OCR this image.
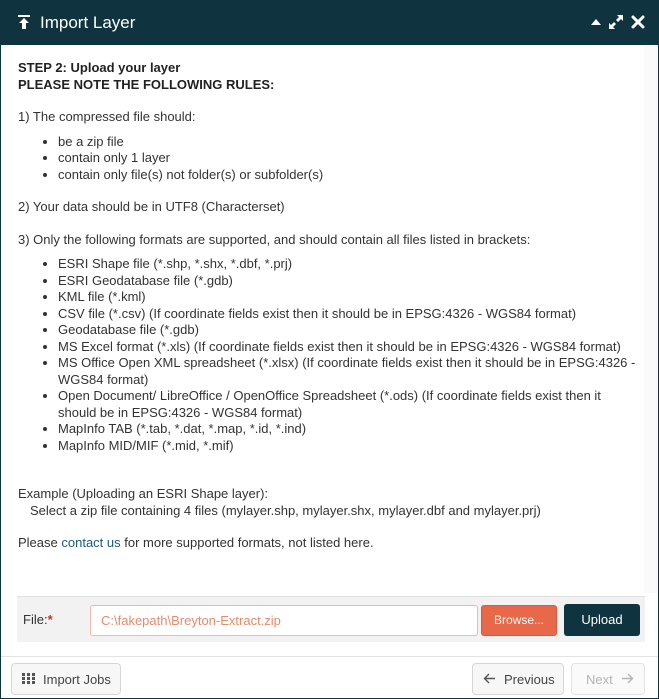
Import Layer
STEP 2: Upload your layer
PLEASE NOTE THE FOLLOWING RULES:
1) The compressed file should:
• be a zip file
• contain only 1 layer
• contain only file(s) not folder(s) or subfolder(s)
2) Your data should be in UTF8 (Characterset)
3) Only the following formats are supported, and should contain all files listed in brackets:
• ESRI Shape file (*.shp, *.shx, *.dbf, *.prj)
• ESRI Geodatabase file (*.gdb)
• KML file (*.kml)
• CSV file (*.csv) (If coordinate fields exist then it should be in EPSG:4326 - WGS84 format)
• Geodatabase file (*.gdb)
• MS Excel format (*.xls) (If coordinate fields exist then it should be in EPSG:4326 - WGS84 format)
• MS Office Open XML spreadsheet (*.xlsx) (If coordinate fields exist then it should be in EPSG:4326 - WGS84 format)
• Open Document/ LibreOffice / OpenOffice Spreadsheet (*.ods) (If coordinate fields exist then it should be in EPSG:4326 - WGS84 format)
• MapInfo TAB (*.tab, *.dat, *.map, *.id, *.ind)
• MapInfo MID/MIF (*.mid, *.mif)
Example (Uploading an ESRI Shape layer):
Select a zip file containing 4 files (mylayer.shp, mylayer.shx, mylayer.dbf and mylayer.prj)
Please contact us for more supported formats, not listed here.
File:*	C:\fakepath\Breyton-Extract.zip	Browse...	Upload
Import Jobs	Previous Next
